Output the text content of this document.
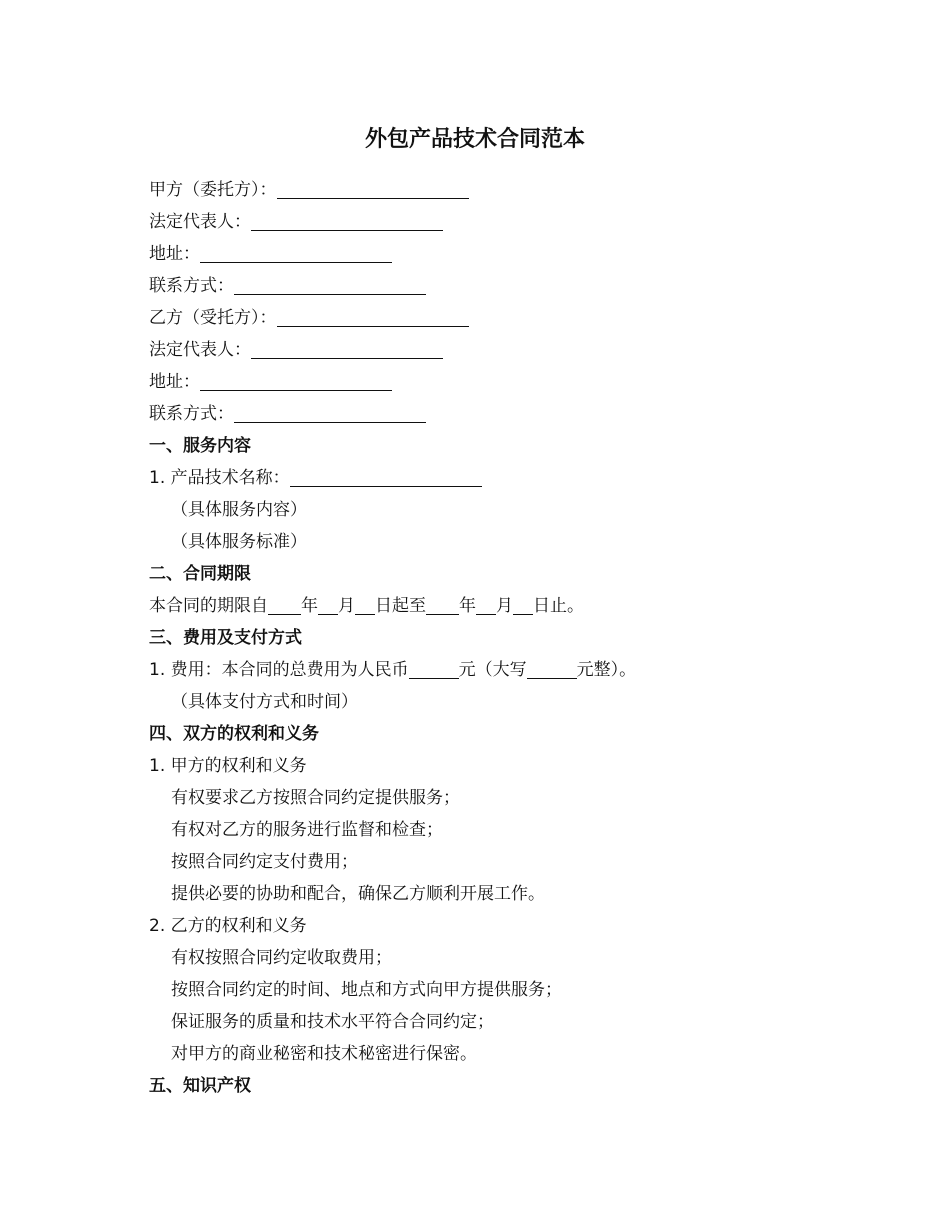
外包产品技术合同范本
甲方（委托方）：
法定代表人：
地址：
联系方式：
乙方（受托方）：
法定代表人：
地址：
联系方式：
一、服务内容
1. 产品技术名称：
（具体服务内容）
（具体服务标准）
二、合同期限
本合同的期限自 年 月 日起至 年 月 日止。
三、费用及支付方式
1. 费用：本合同的总费用为人民币	元（大写	元整）。
（具体支付方式和时间）
四、双方的权利和义务
1. 甲方的权利和义务
有权要求乙方按照合同约定提供服务；
有权对乙方的服务进行监督和检查；
按照合同约定支付费用；
提供必要的协助和配合，确保乙方顺利开展工作。
2. 乙方的权利和义务
有权按照合同约定收取费用；
按照合同约定的时间、地点和方式向甲方提供服务；
保证服务的质量和技术水平符合合同约定；
对甲方的商业秘密和技术秘密进行保密。
五、知识产权
